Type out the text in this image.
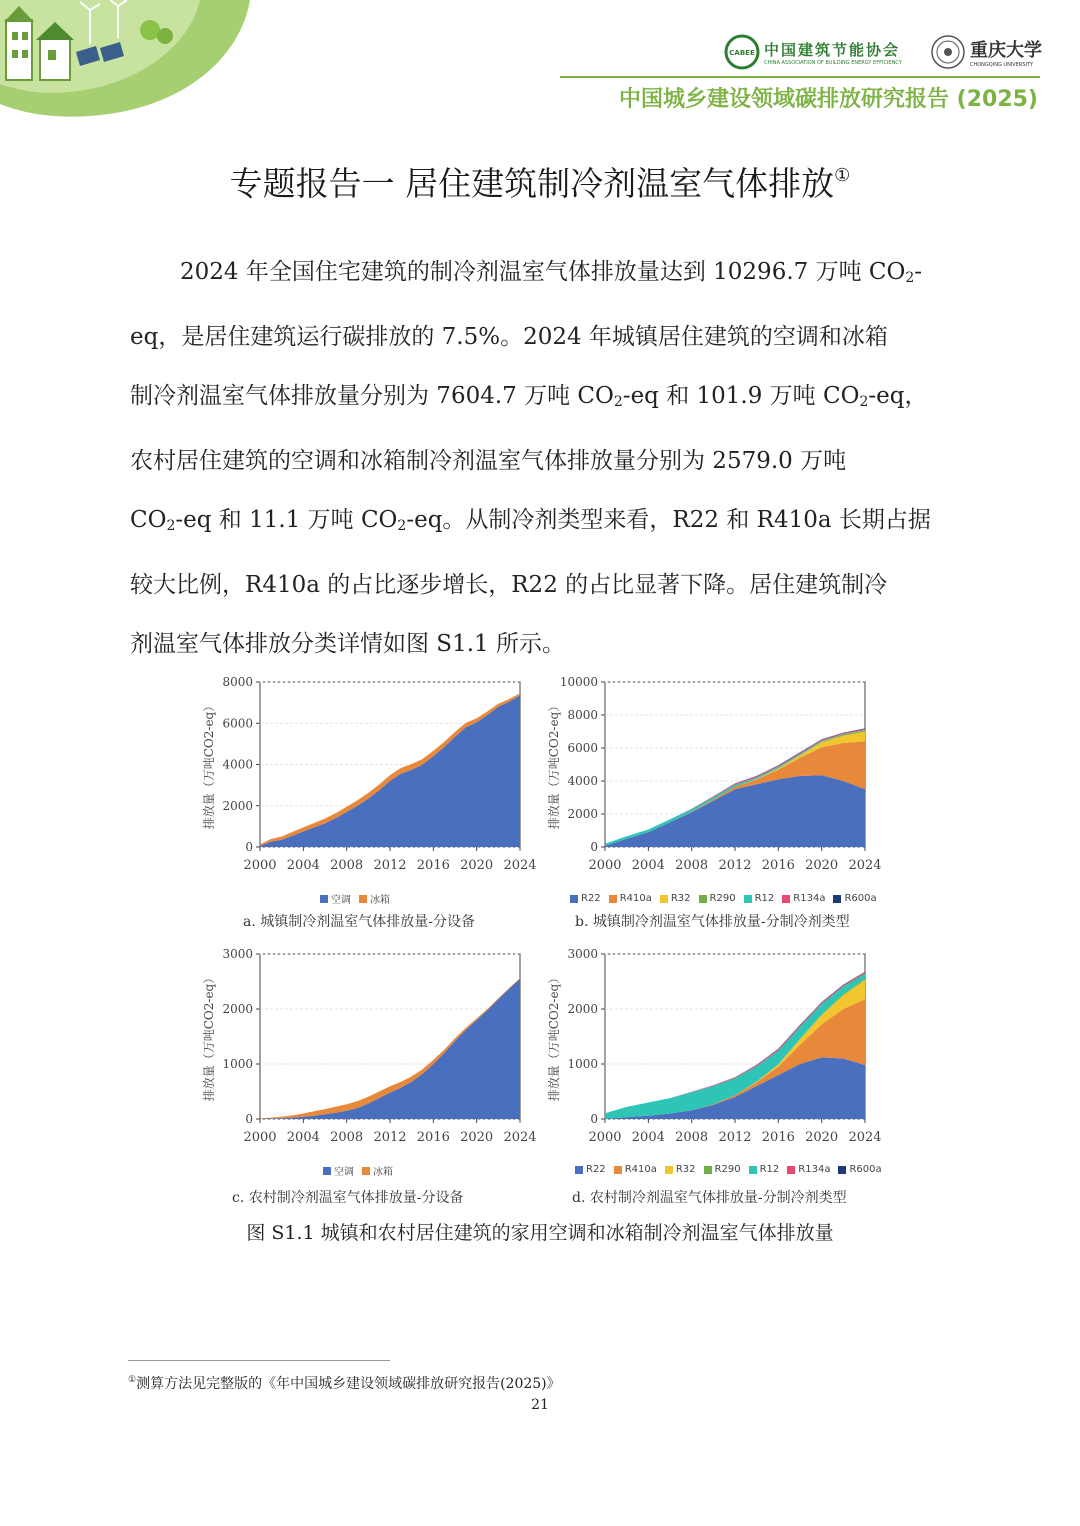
CABEE 中国建筑节能协会
CHINA ASSOCIATION OF BUILDING ENERGY EFFICIENCY
重庆大学
CHONGQING UNIVERSITY
中国城乡建设领域碳排放研究报告 (2025)
专题报告一 居住建筑制冷剂温室气体排放①

2024 年全国住宅建筑的制冷剂温室气体排放量达到 10296.7 万吨 $CO_2-$
eq，是居住建筑运行碳排放的 7.5%。2024 年城镇居住建筑的空调和冰箱
制冷剂温室气体排放量分别为 7604.7 万吨 $CO_2-eq$ 和 101.9 万吨 $CO_2-eq$，
农村居住建筑的空调和冰箱制冷剂温室气体排放量分别为 2579.0 万吨
$CO_2-eq$ 和 11.1 万吨 $CO_2-eq$。从制冷剂类型来看，R22 和 R410a 长期占据
较大比例，R410a 的占比逐步增长，R22 的占比显著下降。居住建筑制冷
剂温室气体排放分类详情如图 S1.1 所示。

0
2000
4000
6000
8000
2000 2004 2008 2012 2016 2020 2024
排放量（万吨CO2-eq）
空调 冰箱
a. 城镇制冷剂温室气体排放量-分设备
0
2000
4000
6000
8000
10000
2000 2004 2008 2012 2016 2020 2024
排放量（万吨CO2-eq）
R22 R410a R32 R290 R12 R134a R600a
b. 城镇制冷剂温室气体排放量-分制冷剂类型
0
1000
2000
3000
2000 2004 2008 2012 2016 2020 2024
排放量（万吨CO2-eq）
空调 冰箱
c. 农村制冷剂温室气体排放量-分设备
0
1000
2000
3000
2000 2004 2008 2012 2016 2020 2024
排放量（万吨CO2-eq）
R22 R410a R32 R290 R12 R134a R600a
d. 农村制冷剂温室气体排放量-分制冷剂类型
图 S1.1 城镇和农村居住建筑的家用空调和冰箱制冷剂温室气体排放量
①测算方法见完整版的《年中国城乡建设领域碳排放研究报告(2025)》
21
